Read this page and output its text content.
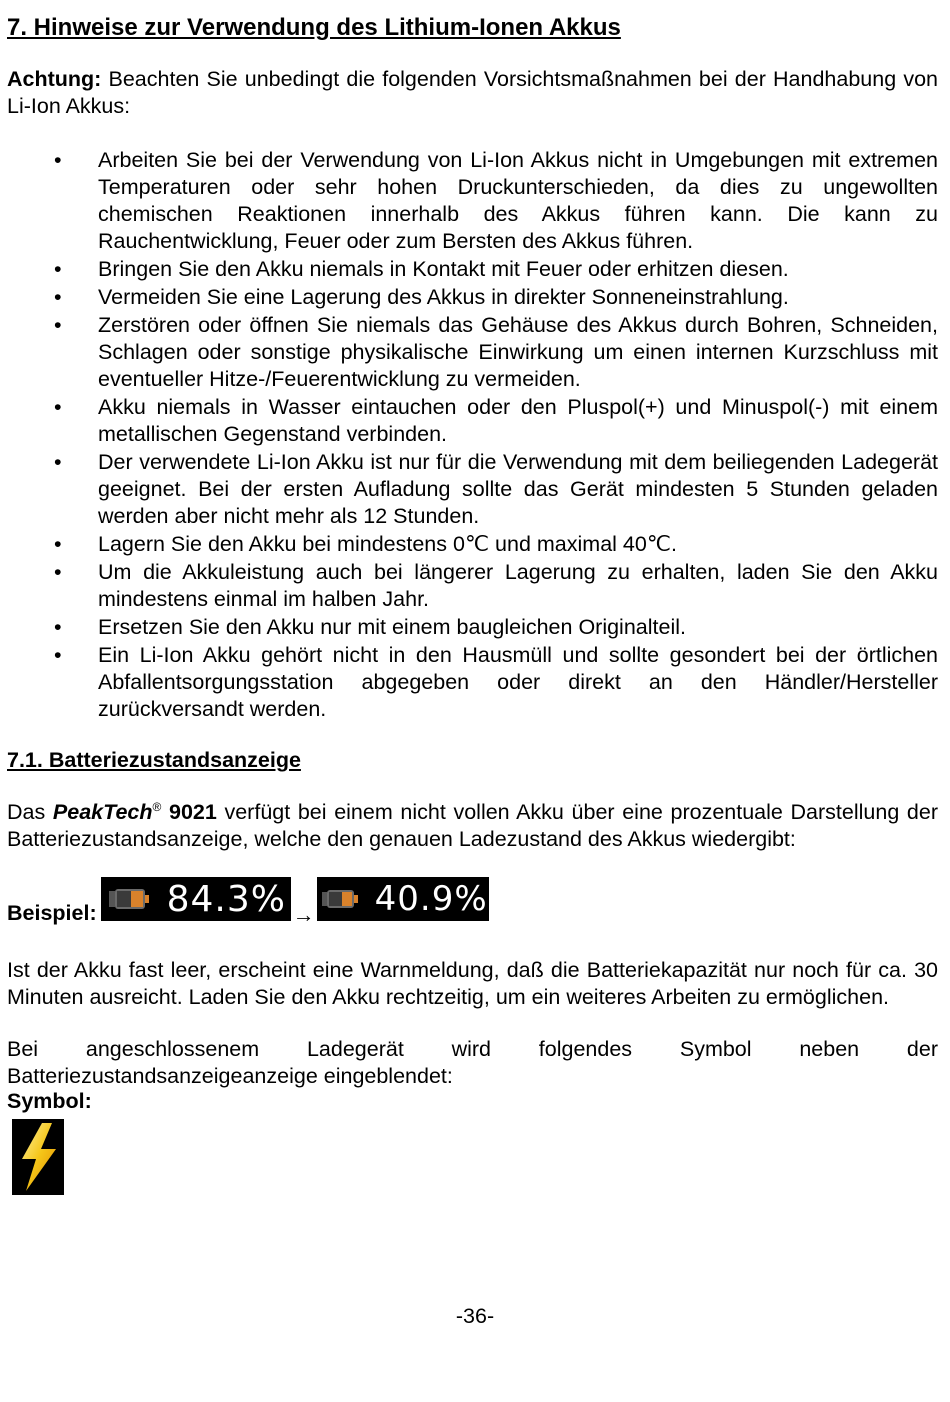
7. Hinweise zur Verwendung des Lithium-Ionen Akkus

Achtung: Beachten Sie unbedingt die folgenden Vorsichtsmaßnahmen bei der Handhabung von Li-Ion Akkus:

• Arbeiten Sie bei der Verwendung von Li-Ion Akkus nicht in Umgebungen mit extremen Temperaturen oder sehr hohen Druckunterschieden, da dies zu ungewollten chemischen Reaktionen innerhalb des Akkus führen kann. Die kann zu Rauchentwicklung, Feuer oder zum Bersten des Akkus führen.
• Bringen Sie den Akku niemals in Kontakt mit Feuer oder erhitzen diesen.
• Vermeiden Sie eine Lagerung des Akkus in direkter Sonneneinstrahlung.
• Zerstören oder öffnen Sie niemals das Gehäuse des Akkus durch Bohren, Schneiden, Schlagen oder sonstige physikalische Einwirkung um einen internen Kurzschluss mit eventueller Hitze-/Feuerentwicklung zu vermeiden.
• Akku niemals in Wasser eintauchen oder den Pluspol(+) und Minuspol(-) mit einem metallischen Gegenstand verbinden.
• Der verwendete Li-Ion Akku ist nur für die Verwendung mit dem beiliegenden Ladegerät geeignet. Bei der ersten Aufladung sollte das Gerät mindesten 5 Stunden geladen werden aber nicht mehr als 12 Stunden.
• Lagern Sie den Akku bei mindestens 0℃ und maximal 40℃.
• Um die Akkuleistung auch bei längerer Lagerung zu erhalten, laden Sie den Akku mindestens einmal im halben Jahr.
• Ersetzen Sie den Akku nur mit einem baugleichen Originalteil.
• Ein Li-Ion Akku gehört nicht in den Hausmüll und sollte gesondert bei der örtlichen Abfallentsorgungsstation abgegeben oder direkt an den Händler/Hersteller zurückversandt werden.
7.1. Batteriezustandsanzeige

Das PeakTech® 9021 verfügt bei einem nicht vollen Akku über eine prozentuale Darstellung der Batteriezustandsanzeige, welche den genauen Ladezustand des Akkus wiedergibt:

Beispiel: 84.3% → 40.9%

Ist der Akku fast leer, erscheint eine Warnmeldung, daß die Batteriekapazität nur noch für ca. 30 Minuten ausreicht. Laden Sie den Akku rechtzeitig, um ein weiteres Arbeiten zu ermöglichen.

Bei angeschlossenem Ladegerät wird folgendes Symbol neben der

Batteriezustandsanzeigeanzeige eingeblendet:

Symbol:

-36-
